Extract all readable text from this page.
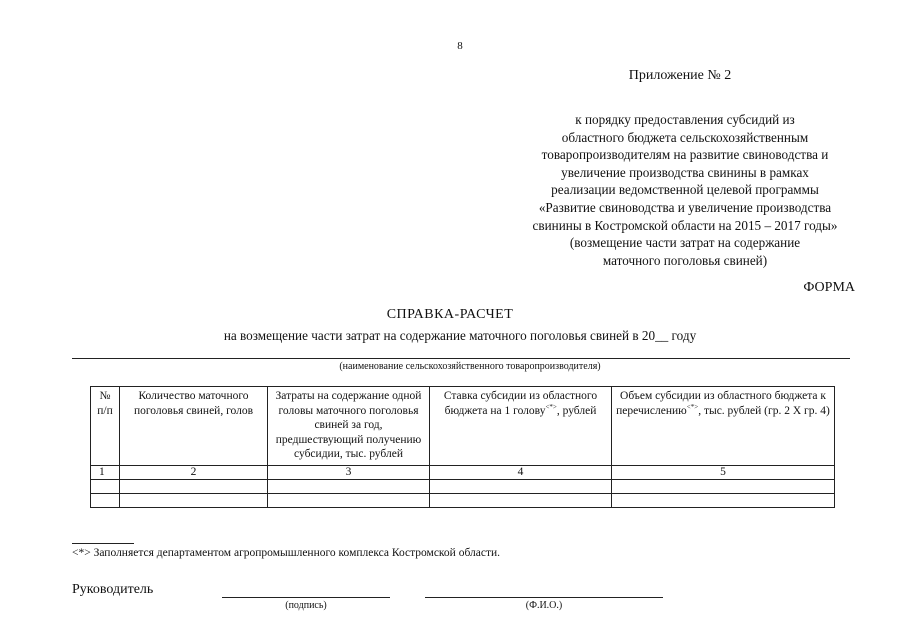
8
Приложение № 2
к порядку предоставления субсидий из
областного бюджета сельскохозяйственным
товаропроизводителям на развитие свиноводства и
увеличение производства свинины в рамках
реализации ведомственной целевой программы
«Развитие свиноводства и увеличение производства
свинины в Костромской области на 2015 – 2017 годы»
(возмещение части затрат на содержание
маточного поголовья свиней)
ФОРМА
СПРАВКА-РАСЧЕТ
на возмещение части затрат на содержание маточного поголовья свиней в 20__ году
(наименование сельскохозяйственного товаропроизводителя)
№ п/п	Количество маточного поголовья свиней, голов	Затраты на содержание одной головы маточного поголовья свиней за год, предшествующий получению субсидии, тыс. рублей	Ставка субсидии из областного бюджета на 1 голову<*>, рублей	Объем субсидии из областного бюджета к перечислению<*>, тыс. рублей (гр. 2 Х гр. 4)
1	2	3	4	5

<*> Заполняется департаментом агропромышленного комплекса Костромской области.
Руководитель
(подпись)	(Ф.И.О.)
